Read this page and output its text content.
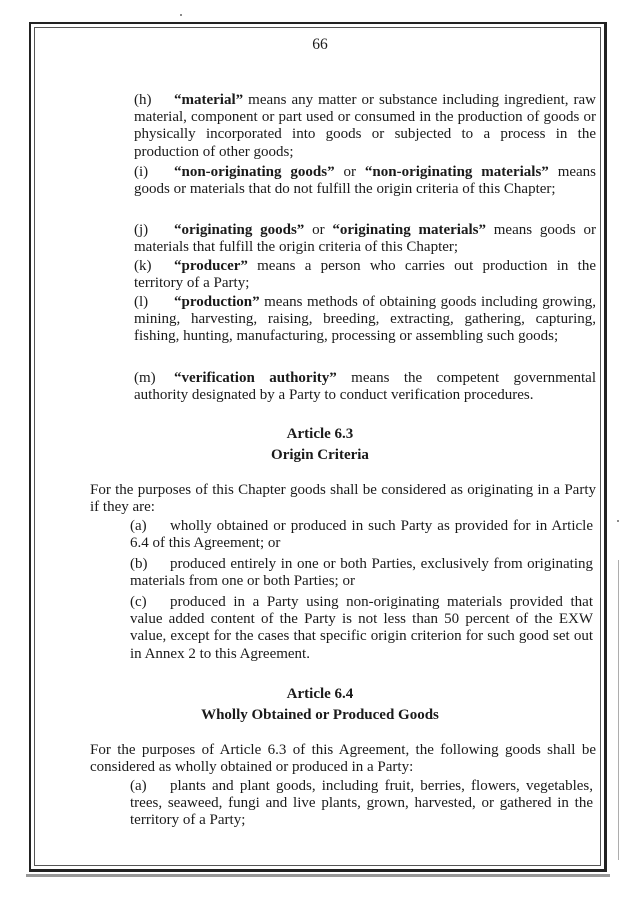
66

(h) “material” means any matter or substance including ingredient, raw material, component or part used or consumed in the production of goods or physically incorporated into goods or subjected to a process in the production of other goods;

(i) “non-originating goods” or “non-originating materials” means goods or materials that do not fulfill the origin criteria of this Chapter;

(j) “originating goods” or “originating materials” means goods or materials that fulfill the origin criteria of this Chapter;

(k) “producer” means a person who carries out production in the territory of a Party;

(l) “production” means methods of obtaining goods including growing, mining, harvesting, raising, breeding, extracting, gathering, capturing, fishing, hunting, manufacturing, processing or assembling such goods;

(m) “verification authority” means the competent governmental authority designated by a Party to conduct verification procedures.

Article 6.3
Origin Criteria

For the purposes of this Chapter goods shall be considered as originating in a Party if they are:

(a) wholly obtained or produced in such Party as provided for in Article 6.4 of this Agreement; or

(b) produced entirely in one or both Parties, exclusively from originating materials from one or both Parties; or

(c) produced in a Party using non-originating materials provided that value added content of the Party is not less than 50 percent of the EXW value, except for the cases that specific origin criterion for such good set out in Annex 2 to this Agreement.

Article 6.4
Wholly Obtained or Produced Goods

For the purposes of Article 6.3 of this Agreement, the following goods shall be considered as wholly obtained or produced in a Party:

(a) plants and plant goods, including fruit, berries, flowers, vegetables, trees, seaweed, fungi and live plants, grown, harvested, or gathered in the territory of a Party;
